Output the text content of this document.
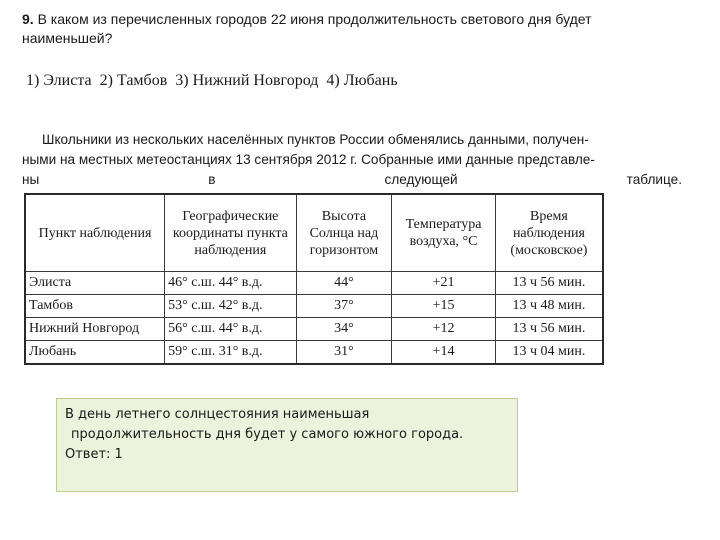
9. В каком из перечисленных городов 22 июня продолжительность светового дня будет наименьшей?
1) Элиста  2) Тамбов  3) Нижний Новгород  4) Любань
Школьники из нескольких населённых пунктов России обменялись данными, получен-
ными на местных метеостанциях 13 сентября 2012 г. Собранные ими данные представле-
ны	в	следующей	таблице.
Пункт наблюдения	Географические координаты пункта наблюдения	Высота Солнца над горизонтом	Температура воздуха, °С	Время наблюдения (московское)
Элиста	46° с.ш. 44° в.д.	44°	+21	13 ч 56 мин.
Тамбов	53° с.ш. 42° в.д.	37°	+15	13 ч 48 мин.
Нижний Новгород	56° с.ш. 44° в.д.	34°	+12	13 ч 56 мин.
Любань	59° с.ш. 31° в.д.	31°	+14	13 ч 04 мин.
В день летнего солнцестояния наименьшая
продолжительность дня будет у самого южного города.
Ответ: 1
